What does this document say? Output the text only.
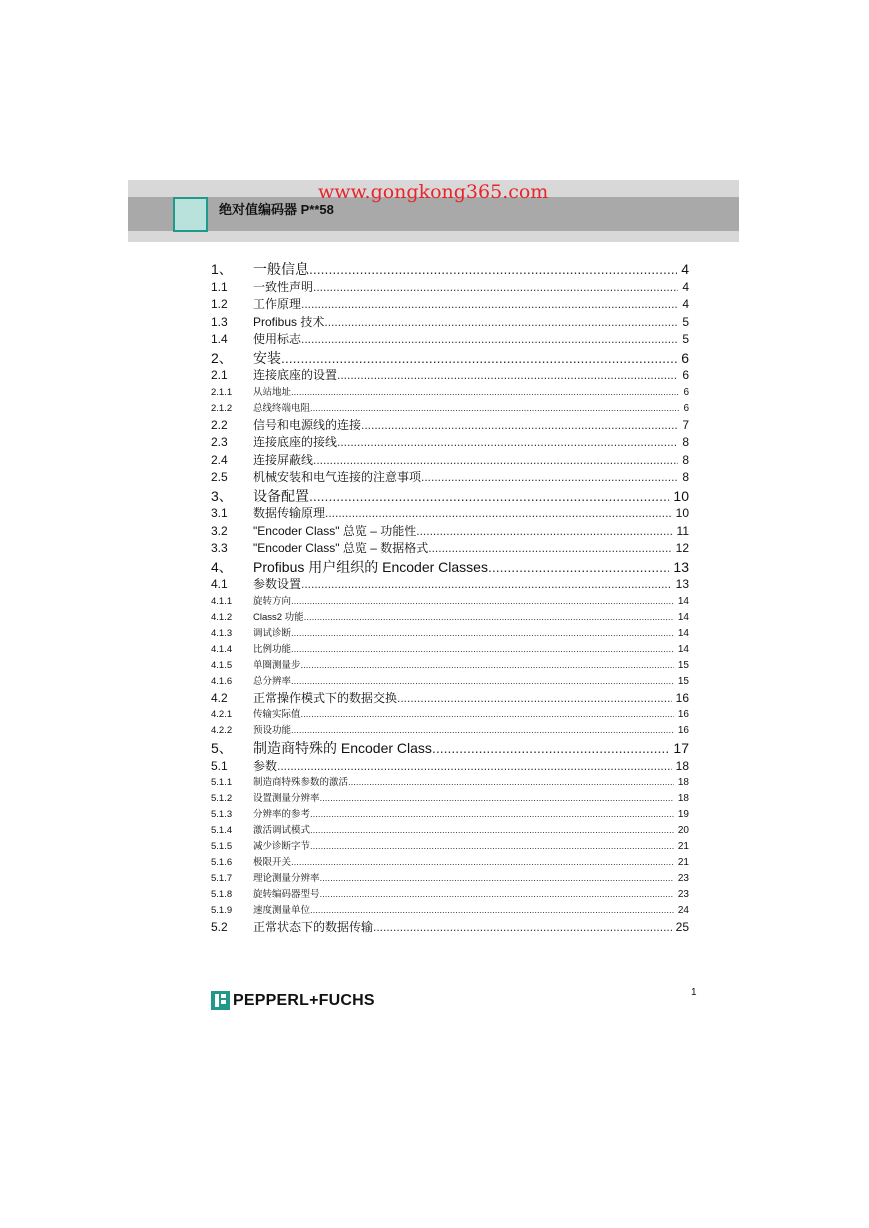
绝对值编码器 P**58
www.gongkong365.com
1、	一般信息 .....	4
1.1	一致性声明 .....	4
1.2	工作原理 .....	4
1.3	Profibus 技术 .....	5
1.4	使用标志 .....	5
2、	安装 .....	6
2.1	连接底座的设置 .....	6
2.1.1	从站地址 .....	6
2.1.2	总线终端电阻 .....	6
2.2	信号和电源线的连接 .....	7
2.3	连接底座的接线 .....	8
2.4	连接屏蔽线 .....	8
2.5	机械安装和电气连接的注意事项 .....	8
3、	设备配置 .....	10
3.1	数据传输原理 .....	10
3.2	"Encoder Class" 总览 – 功能性 .....	11
3.3	"Encoder Class" 总览 – 数据格式 .....	12
4、	Profibus 用户组织的 Encoder Classes .....	13
4.1	参数设置 .....	13
4.1.1	旋转方向 .....	14
4.1.2	Class2 功能 .....	14
4.1.3	调试诊断 .....	14
4.1.4	比例功能 .....	14
4.1.5	单圈测量步 .....	15
4.1.6	总分辨率 .....	15
4.2	正常操作模式下的数据交换 .....	16
4.2.1	传输实际值 .....	16
4.2.2	预设功能 .....	16
5、	制造商特殊的 Encoder Class .....	17
5.1	参数 .....	18
5.1.1	制造商特殊参数的激活 .....	18
5.1.2	设置测量分辨率 .....	18
5.1.3	分辨率的参考 .....	19
5.1.4	激活调试模式 .....	20
5.1.5	减少诊断字节 .....	21
5.1.6	极限开关 .....	21
5.1.7	理论测量分辨率 .....	23
5.1.8	旋转编码器型号 .....	23
5.1.9	速度测量单位 .....	24
5.2	正常状态下的数据传输 .....	25
1
PEPPERL+FUCHS
